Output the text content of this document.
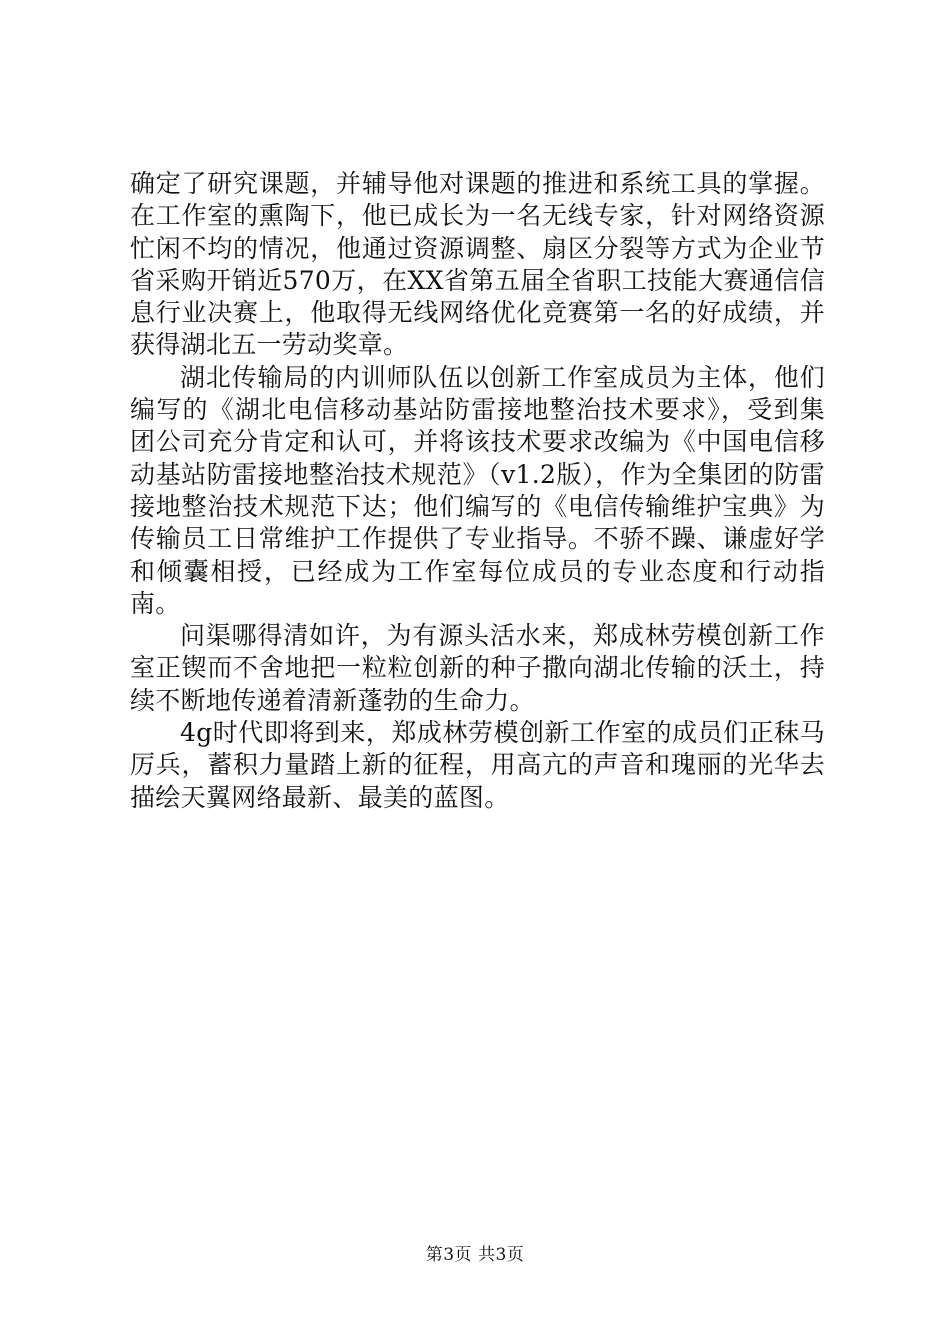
确定了研究课题，并辅导他对课题的推进和系统工具的掌握。在工作室的熏陶下，他已成长为一名无线专家，针对网络资源忙闲不均的情况，他通过资源调整、扇区分裂等方式为企业节省采购开销近570万，在XX省第五届全省职工技能大赛通信信息行业决赛上，他取得无线网络优化竞赛第一名的好成绩，并获得湖北五一劳动奖章。

湖北传输局的内训师队伍以创新工作室成员为主体，他们编写的《湖北电信移动基站防雷接地整治技术要求》，受到集团公司充分肯定和认可，并将该技术要求改编为《中国电信移动基站防雷接地整治技术规范》（v1.2版），作为全集团的防雷接地整治技术规范下达；他们编写的《电信传输维护宝典》为传输员工日常维护工作提供了专业指导。不骄不躁、谦虚好学和倾囊相授，已经成为工作室每位成员的专业态度和行动指南。

问渠哪得清如许，为有源头活水来，郑成林劳模创新工作室正锲而不舍地把一粒粒创新的种子撒向湖北传输的沃土，持续不断地传递着清新蓬勃的生命力。

4g时代即将到来，郑成林劳模创新工作室的成员们正秣马厉兵，蓄积力量踏上新的征程，用高亢的声音和瑰丽的光华去描绘天翼网络最新、最美的蓝图。

第3页 共3页
